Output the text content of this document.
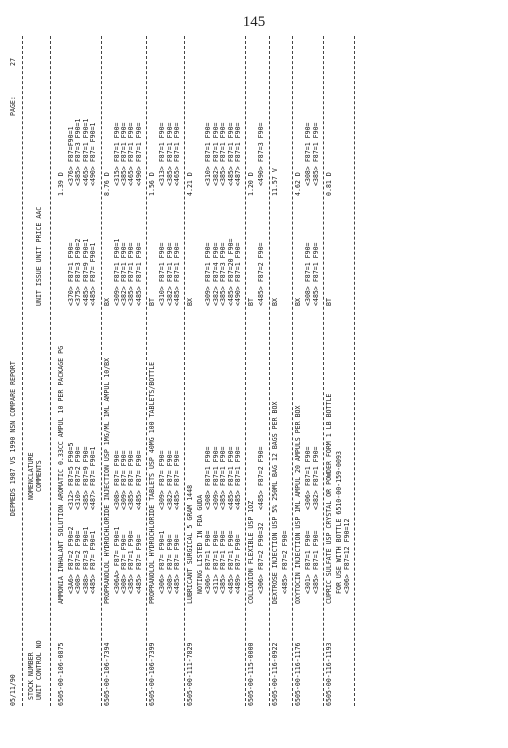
145
05/11/90
DEPMEDS 1987 VS 1990 NSN COMPARE REPORT
PAGE:
27
STOCK NUMBER UNIT CONTROL NO
NOMENCLATURE COMMENTS
UNIT ISSUE UNIT PRICE AAC
6505-00-106-0875
AMMONIA INHALANT SOLUTION AROMATIC 0.33CC AMPUL 10 PER PACKAGE PG
1.39 D
<3A6> F87=2 F90=2 <308> F87=2 F90= <388> F87=3 F90=1 <485> F87= F90=1
<312> F87=5 F90=5 <310> F87=2 F90= <385> F87=9 F90= <487> F87= F90=1
<370> F87=1 F90= <375> F87=3 F90=2 <485> F87=9 F90=1 <485> F87= F90=1
<376> F87=F90=1 <385> F87=3 F90=1 <465> F87=1 F90=1 <490> F87= F90=1
6505-00-106-7394
PROPRANOLOL HYDROCHLORIDE INJECTION USP 1MG/ML 1ML AMPUL 10/BX
BX
8.76 D
<306A> F87= F90=1 <308> F87= F90= <385> F87=1 F90= <485> F87= F90=
<308> F87= F90= <309> F87= F90= <385> F87= F90= <485> F87= F90=
<309> F87=1 F90=1 <382> F87=1 F90= <385> F87=1 F90= <485> F87=1 F90=
<315> F87=1 F90= <385> F87=1 F90= <465> F87=1 F90= <490> F87=1 F90=
6505-00-106-7399
PROPRANOLOL HYDROCHLORIDE TABLETS USP 40MG 100 TABLETS/BOTTLE
BT
1.56 D
<306> F87= F90=1 <308> F87= F90= <485> F87= F90=
<309> F87= F90= <382> F87= F90= <485> F87= F90=
<310> F87=1 F90= <382> F87=1 F90= <485> F87=1 F90=
<313> F87=1 F90= <385> F87=1 F90= <465> F87=1 F90=
6505-00-111-7829
LUBRICANT SURGICAL 5 GRAM 1448
BX
4.21 D
NOTING LISTED IN FDA GUDA <306> F87=1 F90= <311> F87=1 F90= <385> F87=1 F90= <485> F87=1 F90= <489> F87= F90=
<308> F87=1 F90= <309> F87=1 F90= <385> F87=1 F90= <485> F87=1 F90= <485> F87=1 F90=
<309> F87=1 F90= <382> F87=4 F90= <385> F87=3 F90= <485> F87=20 F90= <490> F87=1 F90=
<310> F87=1 F90= <382> F87=1 F90= <385> F87=1 F90= <485> F87=1 F90= <487> F87=1 F90=
6505-00-115-0000
COLLODION FLEXIBLE USP 1OZ
BT
1.20 D
<306> F87=2 F90=32
<485> F87=2 F90=
<485> F87=2 F90=
<490> F87=3 F90=
6505-00-116-0922
DEXTROSE INJECTION USP 5% 250ML BAG 12 BAGS PER BOX
BX
11.57 V
<485> F87=2 F90=
6505-00-116-1176
OXYTOCIN INJECTION USP 1ML AMPUL 20 AMPULS PER BOX
BX
4.62 D
<301> F87=1 F90= <385> F87=1 F90=
<306> F87=1 F90= <382> F87=1 F90=
<308> F87=1 F90= <485> F87=1 F90=
<308> F87=1 F90= <385> F87=1 F90=
6505-00-116-1193
CUPRIC SULFATE USP CRYSTAL OR POWDER FORM 1 LB BOTTLE
BT
0.81 D
FOR USE WITH BOTTLE 6510-00-159-0093 <306> F87=12 F90=12
